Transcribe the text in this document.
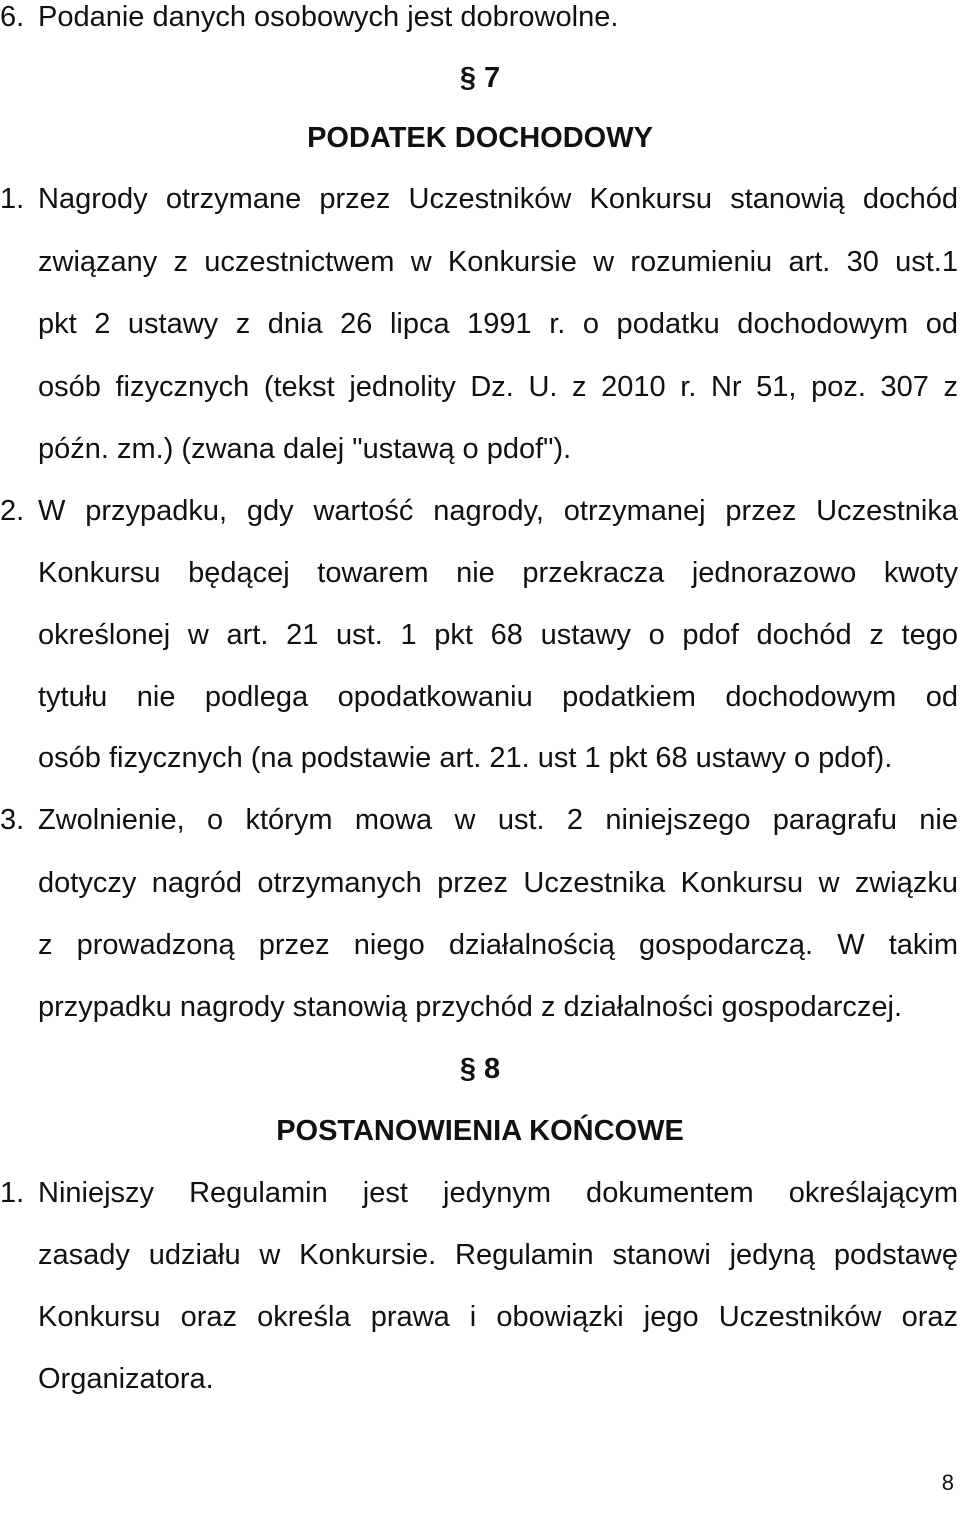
6. Podanie danych osobowych jest dobrowolne.
§ 7
PODATEK DOCHODOWY
1. Nagrody otrzymane przez Uczestników Konkursu stanowią dochód
związany z uczestnictwem w Konkursie w rozumieniu art. 30 ust.1
pkt 2 ustawy z dnia 26 lipca 1991 r. o podatku dochodowym od
osób fizycznych (tekst jednolity Dz. U. z 2010 r. Nr 51, poz. 307 z
późn. zm.) (zwana dalej "ustawą o pdof").
2. W przypadku, gdy wartość nagrody, otrzymanej przez Uczestnika
Konkursu będącej towarem nie przekracza jednorazowo kwoty
określonej w art. 21 ust. 1 pkt 68 ustawy o pdof dochód z tego
tytułu nie podlega opodatkowaniu podatkiem dochodowym od
osób fizycznych (na podstawie art. 21. ust 1 pkt 68 ustawy o pdof).
3. Zwolnienie, o którym mowa w ust. 2 niniejszego paragrafu nie
dotyczy nagród otrzymanych przez Uczestnika Konkursu w związku
z prowadzoną przez niego działalnością gospodarczą. W takim
przypadku nagrody stanowią przychód z działalności gospodarczej.
§ 8
POSTANOWIENIA KOŃCOWE
1. Niniejszy Regulamin jest jedynym dokumentem określającym
zasady udziału w Konkursie. Regulamin stanowi jedyną podstawę
Konkursu oraz określa prawa i obowiązki jego Uczestników oraz
Organizatora.
8
